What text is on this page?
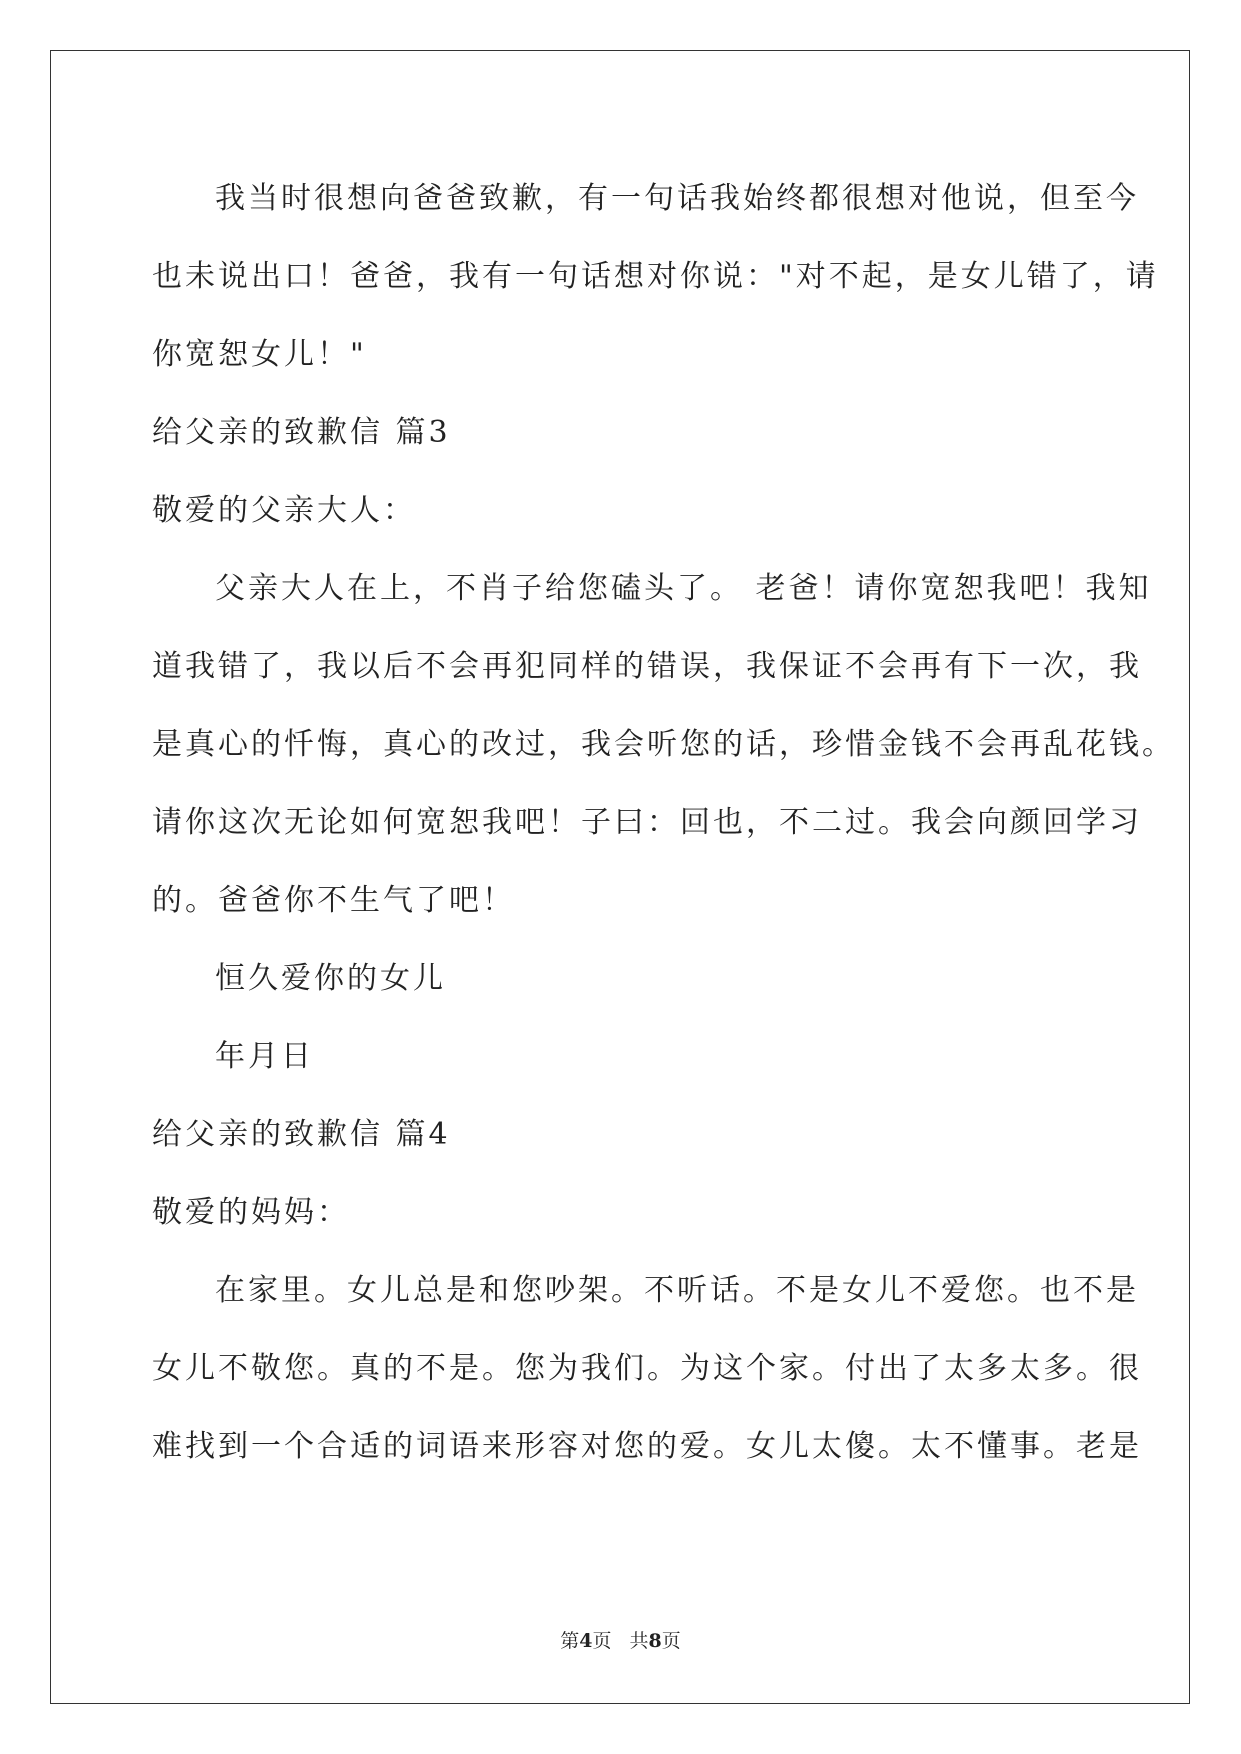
我当时很想向爸爸致歉，有一句话我始终都很想对他说，但至今
也未说出口！爸爸，我有一句话想对你说："对不起，是女儿错了，请
你宽恕女儿！"
给父亲的致歉信 篇3
敬爱的父亲大人：
父亲大人在上，不肖子给您磕头了。 老爸！请你宽恕我吧！我知
道我错了，我以后不会再犯同样的错误，我保证不会再有下一次，我
是真心的忏悔，真心的改过，我会听您的话，珍惜金钱不会再乱花钱。
请你这次无论如何宽恕我吧！子曰：回也，不二过。我会向颜回学习
的。爸爸你不生气了吧！
恒久爱你的女儿
年月日
给父亲的致歉信 篇4
敬爱的妈妈：
在家里。女儿总是和您吵架。不听话。不是女儿不爱您。也不是
女儿不敬您。真的不是。您为我们。为这个家。付出了太多太多。很
难找到一个合适的词语来形容对您的爱。女儿太傻。太不懂事。老是
第4页 共8页
